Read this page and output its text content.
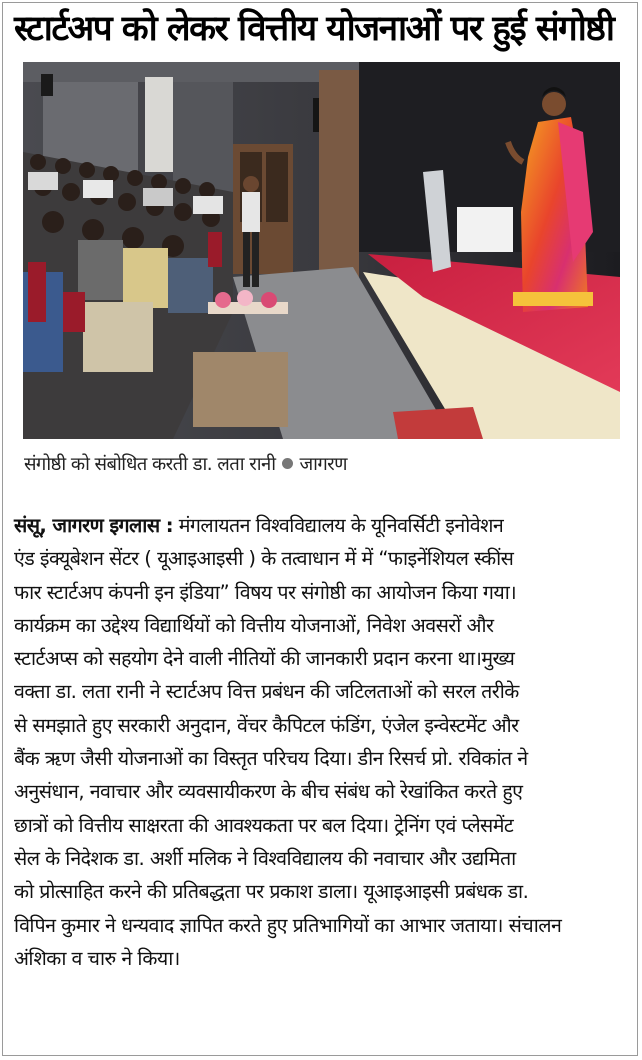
स्टार्टअप को लेकर वित्तीय योजनाओं पर हुई संगोष्ठी
संगोष्ठी को संबोधित करती डा. लता रानी जागरण
संसू, जागरण इगलास : मंगलायतन विश्वविद्यालय के यूनिवर्सिटी इनोवेशन
एंड इंक्यूबेशन सेंटर ( यूआइआइसी ) के तत्वाधान में में “फाइनेंशियल स्कींस
फार स्टार्टअप कंपनी इन इंडिया” विषय पर संगोष्ठी का आयोजन किया गया।
कार्यक्रम का उद्देश्य विद्यार्थियों को वित्तीय योजनाओं, निवेश अवसरों और
स्टार्टअप्स को सहयोग देने वाली नीतियों की जानकारी प्रदान करना था।मुख्य
वक्ता डा. लता रानी ने स्टार्टअप वित्त प्रबंधन की जटिलताओं को सरल तरीके
से समझाते हुए सरकारी अनुदान, वेंचर कैपिटल फंडिंग, एंजेल इन्वेस्टमेंट और
बैंक ऋण जैसी योजनाओं का विस्तृत परिचय दिया। डीन रिसर्च प्रो. रविकांत ने
अनुसंधान, नवाचार और व्यवसायीकरण के बीच संबंध को रेखांकित करते हुए
छात्रों को वित्तीय साक्षरता की आवश्यकता पर बल दिया। ट्रेनिंग एवं प्लेसमेंट
सेल के निदेशक डा. अर्शी मलिक ने विश्वविद्यालय की नवाचार और उद्यमिता
को प्रोत्साहित करने की प्रतिबद्धता पर प्रकाश डाला। यूआइआइसी प्रबंधक डा.
विपिन कुमार ने धन्यवाद ज्ञापित करते हुए प्रतिभागियों का आभार जताया। संचालन
अंशिका व चारु ने किया।
